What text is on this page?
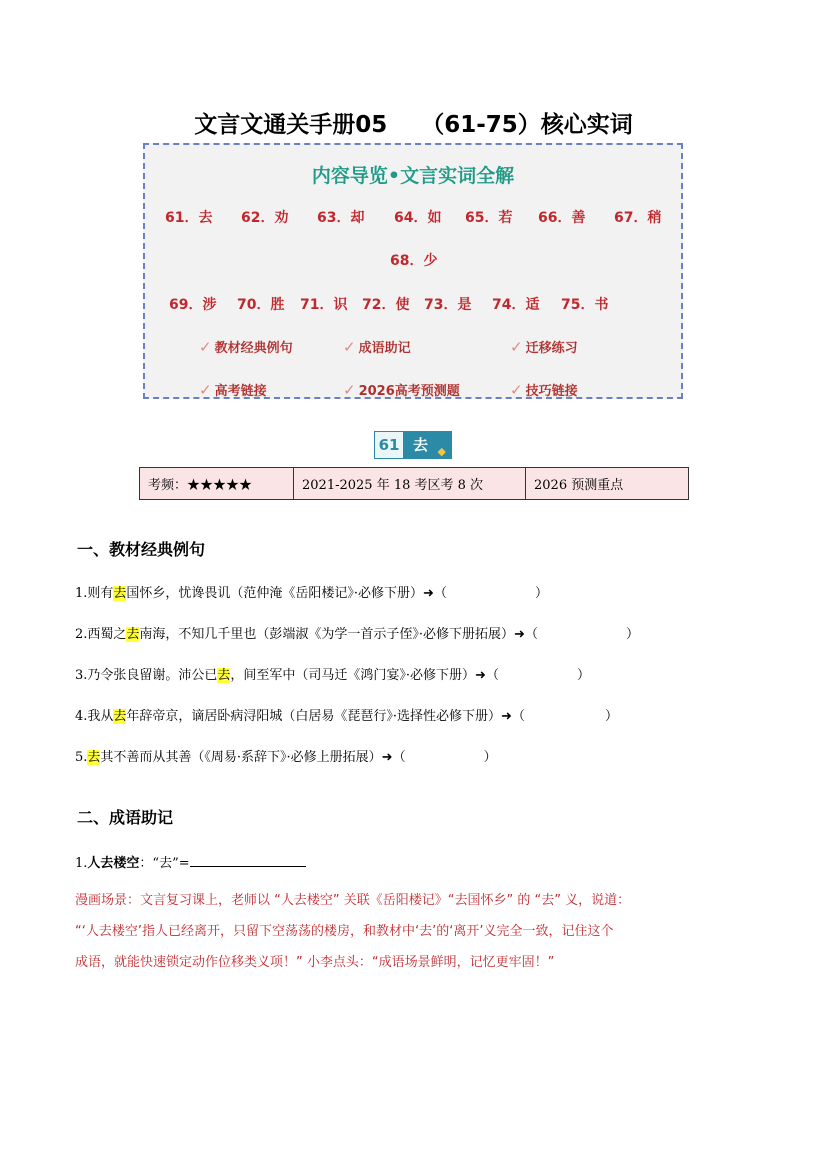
文言文通关手册05 （61-75）核心实词
内容导览•文言实词全解
61．去 62．劝 63．却 64．如 65．若 66．善 67．稍
68．少
69．涉 70．胜 71．识 72．使 73．是 74．适 75．书
✓ 教材经典例句	✓ 成语助记	✓ 迁移练习
✓ 高考链接	✓ 2026高考预测题	✓ 技巧链接
61 去 ◆
考频：★★★★★	2021-2025 年 18 考区考 8 次	2026 预测重点
一、教材经典例句
1.则有去国怀乡，忧谗畏讥（范仲淹《岳阳楼记》·必修下册）➜（	）
2.西蜀之去南海，不知几千里也（彭端淑《为学一首示子侄》·必修下册拓展）➜（	）
3.乃令张良留谢。沛公已去，间至军中（司马迁《鸿门宴》·必修下册）➜（	）
4.我从去年辞帝京，谪居卧病浔阳城（白居易《琵琶行》·选择性必修下册）➜（	）
5.去其不善而从其善（《周易·系辞下》·必修上册拓展）➜（	）
二、成语助记
1.人去楼空：“去”=
漫画场景：文言复习课上，老师以 “人去楼空” 关联《岳阳楼记》“去国怀乡” 的 “去” 义，说道：
“‘人去楼空’指人已经离开，只留下空荡荡的楼房，和教材中‘去’的‘离开’义完全一致，记住这个
成语，就能快速锁定动作位移类义项！” 小李点头：“成语场景鲜明，记忆更牢固！”
